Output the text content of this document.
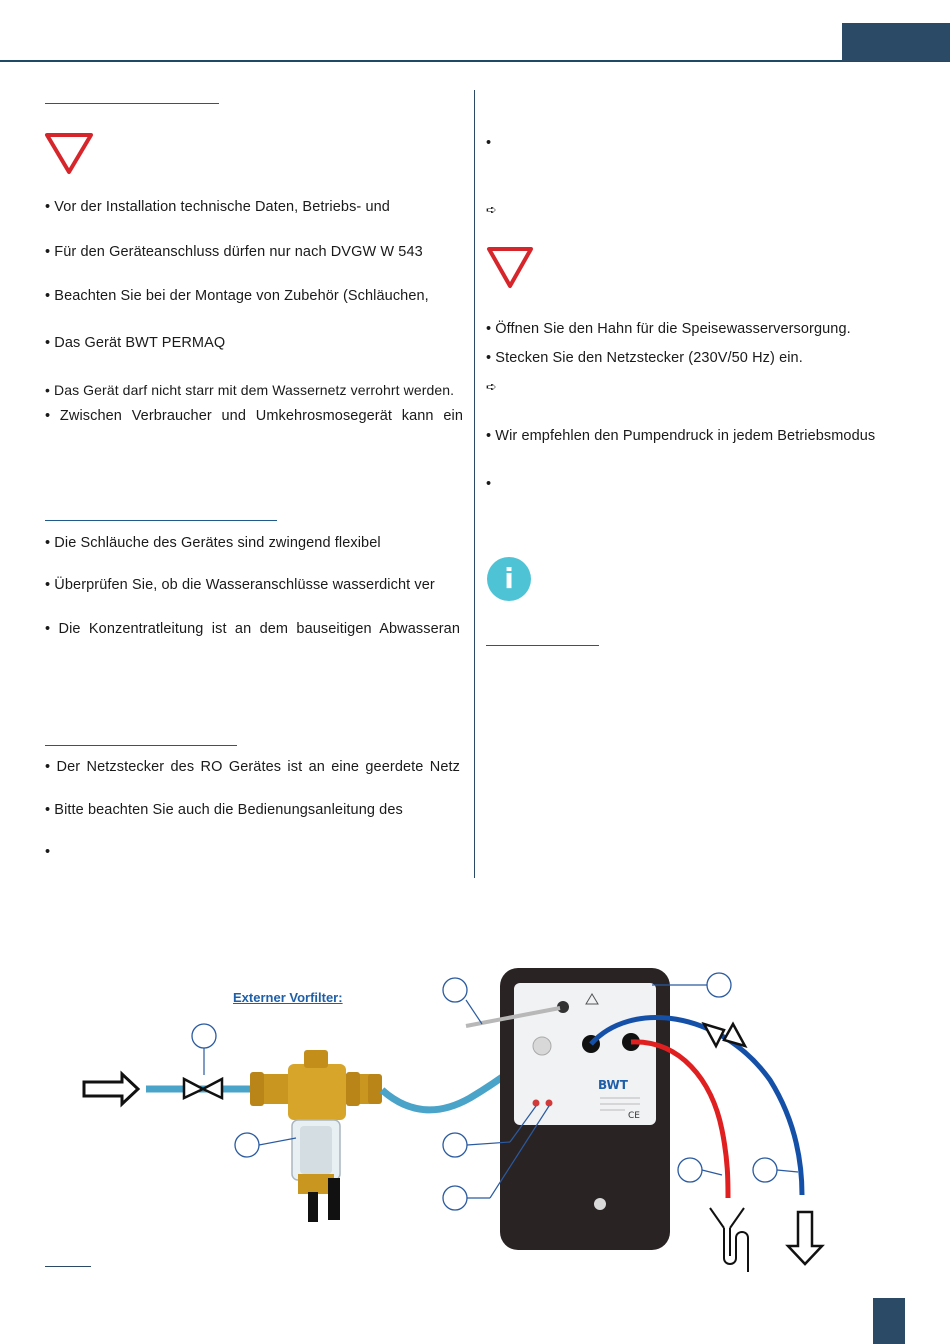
• Vor der Installation technische Daten, Betriebs- und
• Für den Geräteanschluss dürfen nur nach DVGW W 543
• Beachten Sie bei der Montage von Zubehör (Schläuchen,
• Das Gerät BWT PERMAQ
• Das Gerät darf nicht starr mit dem Wassernetz verrohrt werden.
• Zwischen Verbraucher und Umkehrosmosegerät kann ein
• Die Schläuche des Gerätes sind zwingend flexibel
• Überprüfen Sie, ob die Wasseranschlüsse wasserdicht ver
• Die Konzentratleitung ist an dem bauseitigen Abwasseran
• Der Netzstecker des RO Gerätes ist an eine geerdete Netz
• Bitte beachten Sie auch die Bedienungsanleitung des
•
•
➪
• Öffnen Sie den Hahn für die Speisewasserversorgung.
• Stecken Sie den Netzstecker (230V/50 Hz) ein.
➪
• Wir empfehlen den Pumpendruck in jedem Betriebsmodus
•
i
Externer Vorfilter:
BWT
CE
